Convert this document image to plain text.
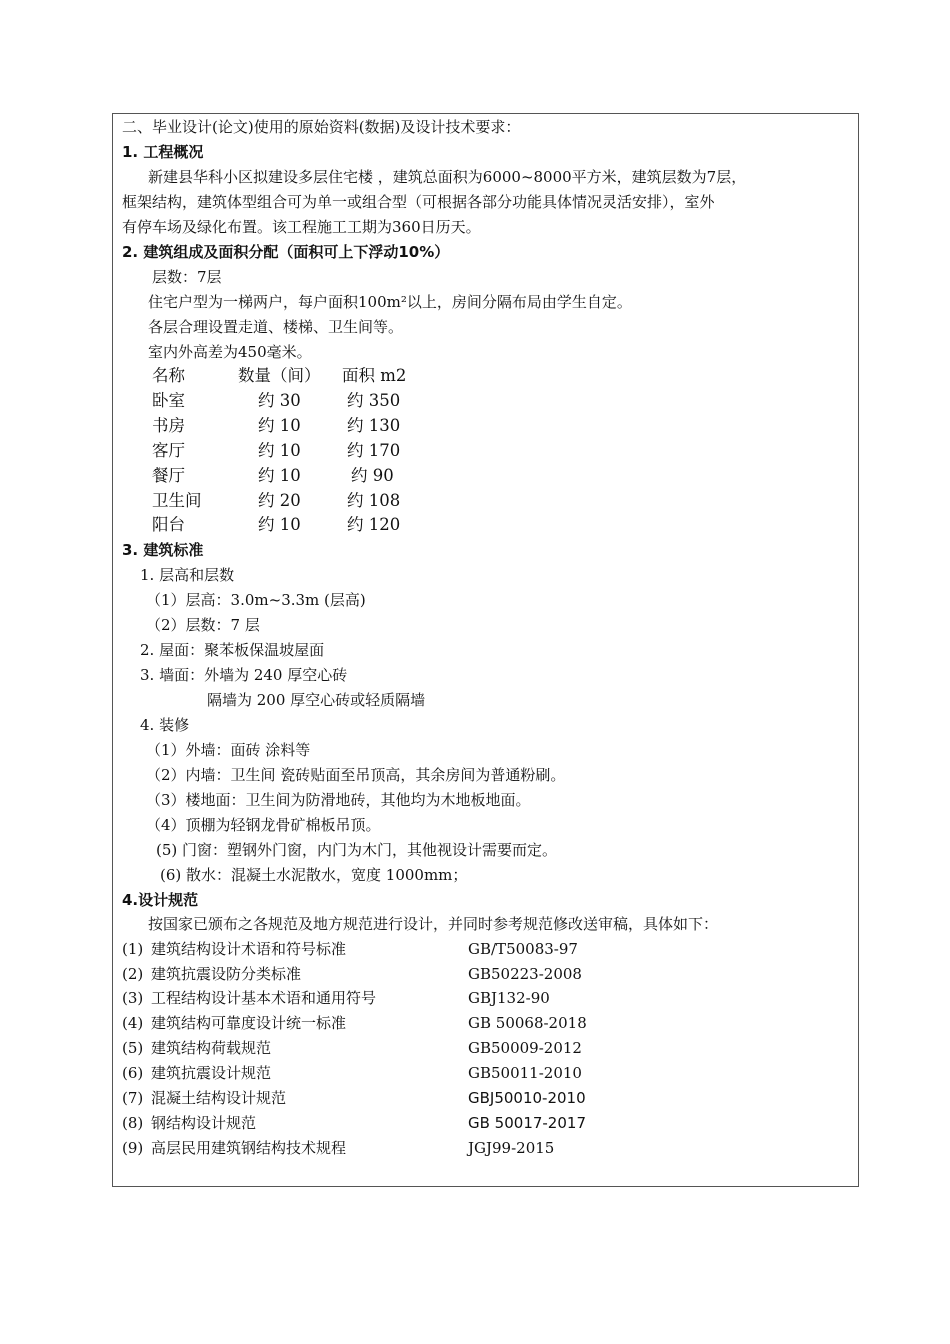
二、毕业设计(论文)使用的原始资料(数据)及设计技术要求：
1. 工程概况
新建县华科小区拟建设多层住宅楼 ，建筑总面积为6000~8000平方米，建筑层数为7层，
框架结构，建筑体型组合可为单一或组合型（可根据各部分功能具体情况灵活安排），室外
有停车场及绿化布置。该工程施工工期为360日历天。
2. 建筑组成及面积分配（面积可上下浮动10%）
层数：7层
住宅户型为一梯两户，每户面积100m²以上，房间分隔布局由学生自定。
各层合理设置走道、楼梯、卫生间等。
室内外高差为450毫米。
名称	数量（间） 面积 m2
卧室	约 30	约 350
书房	约 10	约 130
客厅	约 10	约 170
餐厅	约 10	约 90
卫生间	约 20	约 108
阳台	约 10	约 120
3. 建筑标准
1. 层高和层数
（1）层高：3.0m~3.3m (层高)
（2）层数：7 层
2. 屋面：聚苯板保温坡屋面
3. 墙面：外墙为 240 厚空心砖
隔墙为 200 厚空心砖或轻质隔墙
4. 装修
（1）外墙：面砖 涂料等
（2）内墙：卫生间 瓷砖贴面至吊顶高，其余房间为普通粉刷。
（3）楼地面：卫生间为防滑地砖，其他均为木地板地面。
（4）顶棚为轻钢龙骨矿棉板吊顶。
(5) 门窗：塑钢外门窗，内门为木门，其他视设计需要而定。
(6) 散水：混凝土水泥散水，宽度 1000mm；
4.设计规范
按国家已颁布之各规范及地方规范进行设计，并同时参考规范修改送审稿，具体如下：
(1) 建筑结构设计术语和符号标准	GB/T50083-97
(2) 建筑抗震设防分类标准	GB50223-2008
(3) 工程结构设计基本术语和通用符号	GBJ132-90
(4) 建筑结构可靠度设计统一标准	GB 50068-2018
(5) 建筑结构荷载规范	GB50009-2012
(6) 建筑抗震设计规范	GB50011-2010
(7) 混凝土结构设计规范	GBJ50010-2010
(8) 钢结构设计规范	GB 50017-2017
(9) 高层民用建筑钢结构技术规程	JGJ99-2015
